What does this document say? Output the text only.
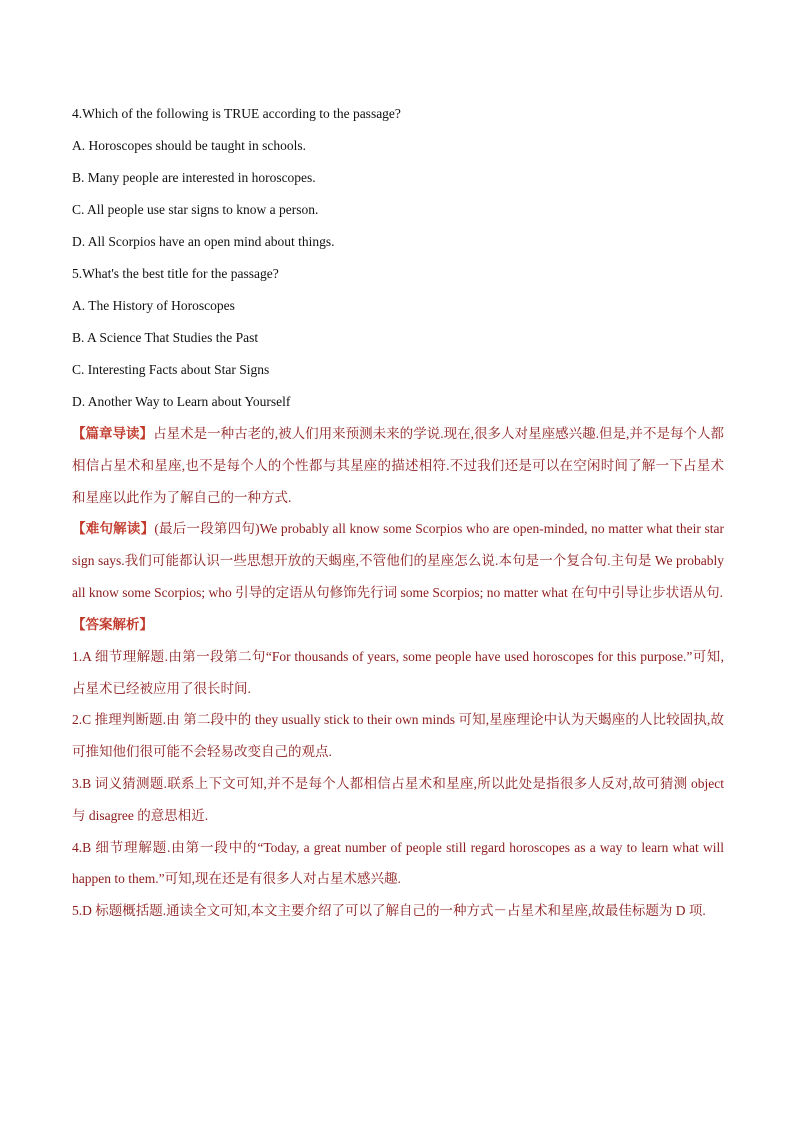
4.Which of the following is TRUE according to the passage?
A. Horoscopes should be taught in schools.
B. Many people are interested in horoscopes.
C. All people use star signs to know a person.
D. All Scorpios have an open mind about things.
5.What's the best title for the passage?
A. The History of Horoscopes
B. A Science That Studies the Past
C. Interesting Facts about Star Signs
D. Another Way to Learn about Yourself
【篇章导读】占星术是一种古老的,被人们用来预测未来的学说.现在,很多人对星座感兴趣.但是,并不是每个人都相信占星术和星座,也不是每个人的个性都与其星座的描述相符.不过我们还是可以在空闲时间了解一下占星术和星座以此作为了解自己的一种方式.
【难句解读】(最后一段第四句)We probably all know some Scorpios who are open-minded, no matter what their star sign says.我们可能都认识一些思想开放的天蝎座,不管他们的星座怎么说.本句是一个复合句.主句是 We probably all know some Scorpios; who 引导的定语从句修饰先行词 some Scorpios; no matter what 在句中引导让步状语从句.
【答案解析】
1.A 细节理解题.由第一段第二句“For thousands of years, some people have used horoscopes for this purpose.”可知,占星术已经被应用了很长时间.
2.C 推理判断题.由 第二段中的 they usually stick to their own minds 可知,星座理论中认为天蝎座的人比较固执,故可推知他们很可能不会轻易改变自己的观点.
3.B 词义猜测题.联系上下文可知,并不是每个人都相信占星术和星座,所以此处是指很多人反对,故可猜测 object 与 disagree 的意思相近.
4.B 细节理解题.由第一段中的“Today, a great number of people still regard horoscopes as a way to learn what will happen to them.”可知,现在还是有很多人对占星术感兴趣.
5.D 标题概括题.通读全文可知,本文主要介绍了可以了解自己的一种方式－占星术和星座,故最佳标题为 D 项.
